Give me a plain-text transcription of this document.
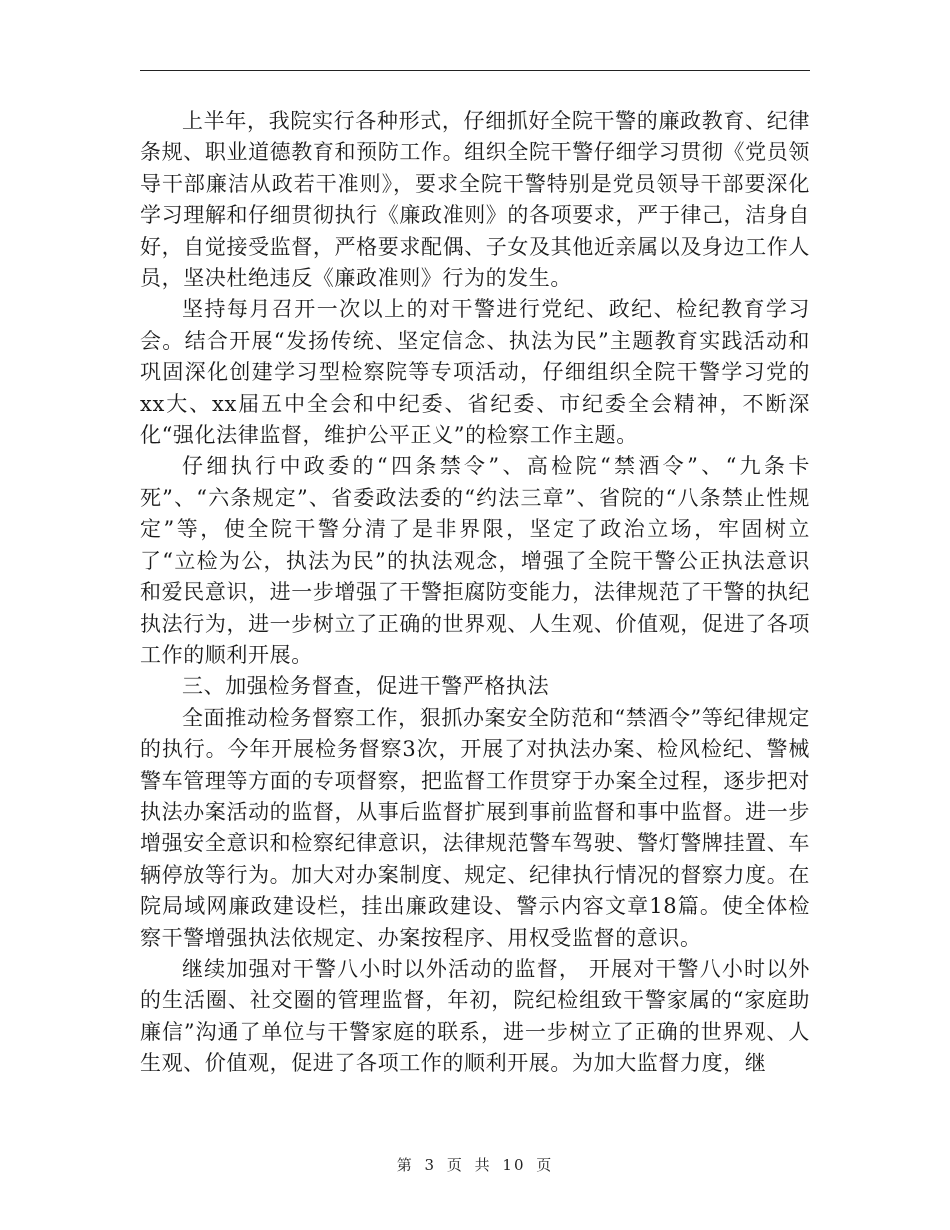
上半年，我院实行各种形式，仔细抓好全院干警的廉政教育、纪律条规、职业道德教育和预防工作。组织全院干警仔细学习贯彻《党员领导干部廉洁从政若干准则》，要求全院干警特别是党员领导干部要深化学习理解和仔细贯彻执行《廉政准则》的各项要求，严于律己，洁身自好，自觉接受监督，严格要求配偶、子女及其他近亲属以及身边工作人员，坚决杜绝违反《廉政准则》行为的发生。

坚持每月召开一次以上的对干警进行党纪、政纪、检纪教育学习会。结合开展“发扬传统、坚定信念、执法为民”主题教育实践活动和巩固深化创建学习型检察院等专项活动，仔细组织全院干警学习党的xx大、xx届五中全会和中纪委、省纪委、市纪委全会精神，不断深化“强化法律监督，维护公平正义”的检察工作主题。

仔细执行中政委的“四条禁令”、高检院“禁酒令”、“九条卡死”、“六条规定”、省委政法委的“约法三章”、省院的“八条禁止性规定”等，使全院干警分清了是非界限，坚定了政治立场，牢固树立了“立检为公，执法为民”的执法观念，增强了全院干警公正执法意识和爱民意识，进一步增强了干警拒腐防变能力，法律规范了干警的执纪执法行为，进一步树立了正确的世界观、人生观、价值观，促进了各项工作的顺利开展。

三、加强检务督查，促进干警严格执法

全面推动检务督察工作，狠抓办案安全防范和“禁酒令”等纪律规定的执行。今年开展检务督察3次，开展了对执法办案、检风检纪、警械警车管理等方面的专项督察，把监督工作贯穿于办案全过程，逐步把对执法办案活动的监督，从事后监督扩展到事前监督和事中监督。进一步增强安全意识和检察纪律意识，法律规范警车驾驶、警灯警牌挂置、车辆停放等行为。加大对办案制度、规定、纪律执行情况的督察力度。在院局域网廉政建设栏，挂出廉政建设、警示内容文章18篇。使全体检察干警增强执法依规定、办案按程序、用权受监督的意识。

继续加强对干警八小时以外活动的监督， 开展对干警八小时以外的生活圈、社交圈的管理监督，年初，院纪检组致干警家属的“家庭助廉信”沟通了单位与干警家庭的联系，进一步树立了正确的世界观、人生观、价值观，促进了各项工作的顺利开展。为加大监督力度，继

第 3 页 共 10 页
